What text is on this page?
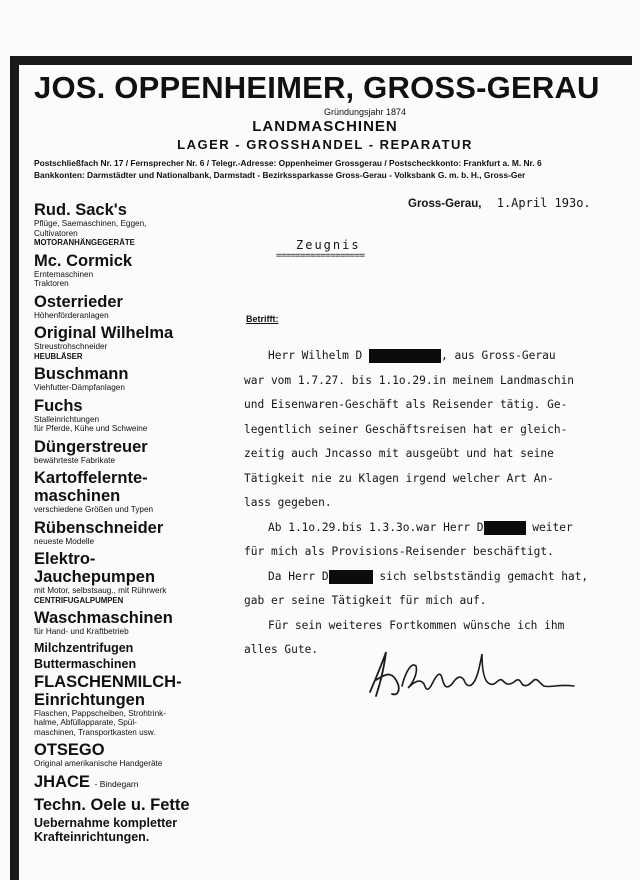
JOS. OPPENHEIMER, GROSS-GERAU
Gründungsjahr 1874
LANDMASCHINEN
LAGER - GROSSHANDEL - REPARATUR
Postschließfach Nr. 17 / Fernsprecher Nr. 6 / Telegr.-Adresse: Oppenheimer Grossgerau / Postscheckkonto: Frankfurt a. M. Nr. 6
Bankkonten: Darmstädter und Nationalbank, Darmstadt - Bezirkssparkasse Gross-Gerau - Volksbank G. m. b. H., Gross-Ger

Rud. Sack's

Pflüge, Saemaschinen, Eggen,
Cultivatoren
MOTORANHÄNGEGERÄTE

Mc. Cormick

Erntemaschinen
Traktoren

Osterrieder

Höhenförderanlagen

Original Wilhelma

Streustrohschneider
HEUBLÄSER

Buschmann

Viehfutter-Dämpfanlagen

Fuchs

Stalleinrichtungen
für Pferde, Kühe und Schweine

Düngerstreuer

bewährteste Fabrikate

Kartoffelernte-
maschinen

verschiedene Größen und Typen

Rübenschneider

neueste Modelle

Elektro-
Jauchepumpen

mit Motor, selbstsaug., mit Rührwerk
CENTRIFUGALPUMPEN

Waschmaschinen

für Hand- und Kraftbetrieb

Milchzentrifugen

Buttermaschinen

FLASCHENMILCH-
Einrichtungen

Flaschen, Pappscheiben, Strohtrink-
halme, Abfüllapparate, Spül-
maschinen, Transportkasten usw.

OTSEGO

Original amerikanische Handgeräte

JHACE - Bindegarn

Techn. Oele u. Fette

Uebernahme kompletter
Krafteinrichtungen.

Gross-Gerau, 1.April 193o.
Zeugnis
==================
Betrifft:
Herr Wilhelm D	, aus Gross-Gerau
war vom 1.7.27. bis 1.1o.29.in meinem Landmaschin
und Eisenwaren-Geschäft als Reisender tätig. Ge-
legentlich seiner Geschäftsreisen hat er gleich-
zeitig auch Jncasso mit ausgeübt und hat seine
Tätigkeit nie zu Klagen irgend welcher Art An-
lass gegeben.
Ab 1.1o.29.bis 1.3.3o.war Herr D	weiter
für mich als Provisions-Reisender beschäftigt.
Da Herr D	sich selbstständig gemacht hat,
gab er seine Tätigkeit für mich auf.
Für sein weiteres Fortkommen wünsche ich ihm
alles Gute.
